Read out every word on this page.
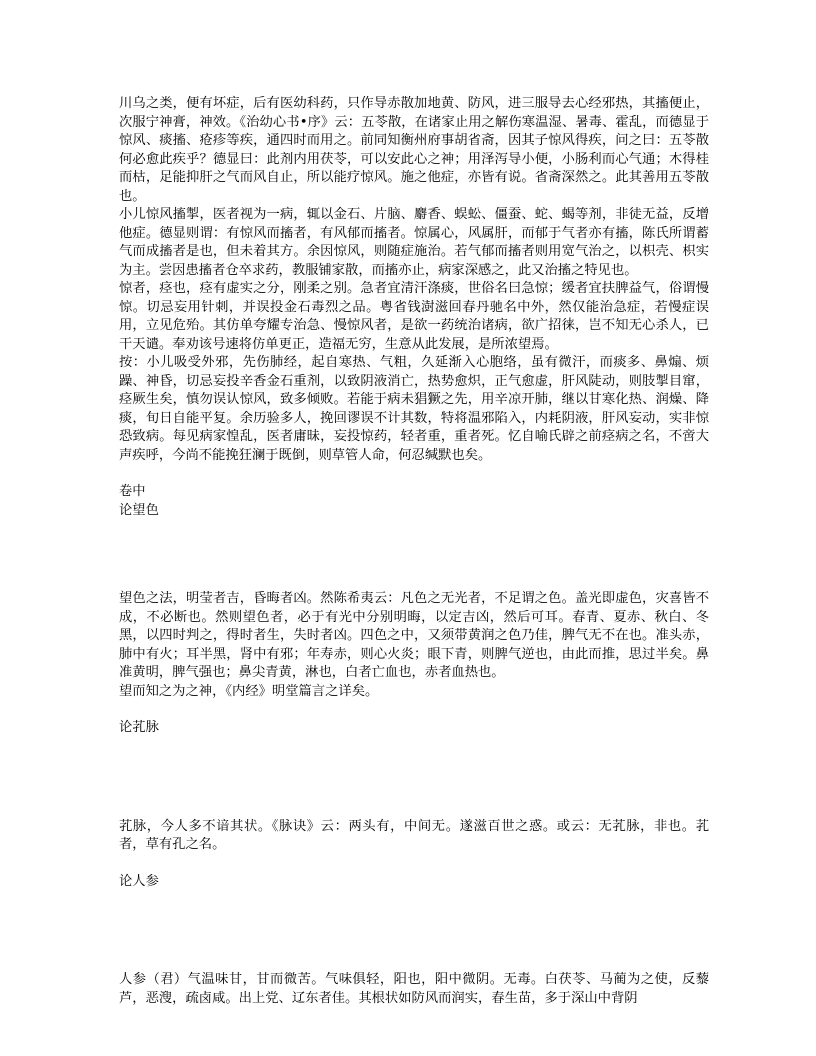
川乌之类，便有坏症，后有医幼科药，只作导赤散加地黄、防风，进三服导去心经邪热，其搐便止，次服宁神膏，神效。《治幼心书•序》云：五苓散，在诸家止用之解伤寒温湿、暑毒、霍乱，而德显于惊风、痰搐、疮疹等疾，通四时而用之。前同知衡州府事胡省斋，因其子惊风得疾，问之曰：五苓散何必愈此疾乎？德显曰：此剂内用茯苓，可以安此心之神；用泽泻导小便，小肠利而心气通；木得桂而枯，足能抑肝之气而风自止，所以能疗惊风。施之他症，亦皆有说。省斋深然之。此其善用五苓散也。

小儿惊风搐掣，医者视为一病，辄以金石、片脑、麝香、蜈蚣、僵蚕、蛇、蝎等剂，非徒无益，反增他症。德显则谓：有惊风而搐者，有风郁而搐者。惊属心，风属肝，而郁于气者亦有搐，陈氏所谓蓄气而成搐者是也，但未着其方。余因惊风，则随症施治。若气郁而搐者则用宽气治之，以枳壳、枳实为主。尝因患搐者仓卒求药，教服铺家散，而搐亦止，病家深感之，此又治搐之特见也。

惊者，痉也，痉有虚实之分，刚柔之别。急者宜清汗涤痰，世俗名曰急惊；缓者宜扶脾益气，俗谓慢惊。切忌妄用针刺，并误投金石毒烈之品。粤省钱澍滋回春丹驰名中外，然仅能治急症，若慢症误用，立见危殆。其仿单夸耀专治急、慢惊风者，是欲一药统治诸病，欲广招徕，岂不知无心杀人，已干天谴。奉劝该号速将仿单更正，造福无穷，生意从此发展，是所浓望焉。

按：小儿吸受外邪，先伤肺经，起自寒热、气粗，久延渐入心胞络，虽有微汗，而痰多、鼻煽、烦躁、神昏，切忌妄投辛香金石重剂，以致阴液消亡，热势愈炽，正气愈虚，肝风陡动，则肢掣目窜，痉厥生矣，慎勿误认惊风，致多倾败。若能于病未猖獗之先，用辛凉开肺，继以甘寒化热、润燥、降痰，旬日自能平复。余历验多人，挽回谬误不计其数，特将温邪陷入，内耗阴液，肝风妄动，实非惊恐致病。每见病家惶乱，医者庸昧，妄投惊药，轻者重，重者死。忆自喻氏辟之前痉病之名，不啻大声疾呼，今尚不能挽狂澜于既倒，则草管人命，何忍缄默也矣。

卷中

论望色

望色之法，明莹者吉，昏晦者凶。然陈希夷云：凡色之无光者，不足谓之色。盖光即虚色，灾喜皆不成，不必断也。然则望色者，必于有光中分别明晦，以定吉凶，然后可耳。春青、夏赤、秋白、冬黑，以四时判之，得时者生，失时者凶。四色之中，又须带黄润之色乃佳，脾气无不在也。准头赤，肺中有火；耳半黑，肾中有邪；年寿赤，则心火炎；眼下青，则脾气逆也，由此而推，思过半矣。鼻准黄明，脾气强也；鼻尖青黄，淋也，白者亡血也，赤者血热也。

望而知之为之神，《内经》明堂篇言之详矣。

论芤脉

芤脉，今人多不谙其状。《脉诀》云：两头有，中间无。遂滋百世之惑。或云：无芤脉，非也。芤者，草有孔之名。

论人参

人参（君）气温味甘，甘而微苦。气味俱轻，阳也，阳中微阴。无毒。白茯苓、马蔺为之使，反藜芦，恶溲，疏卤咸。出上党、辽东者佳。其根状如防风而润实，春生苗，多于深山中背阴
